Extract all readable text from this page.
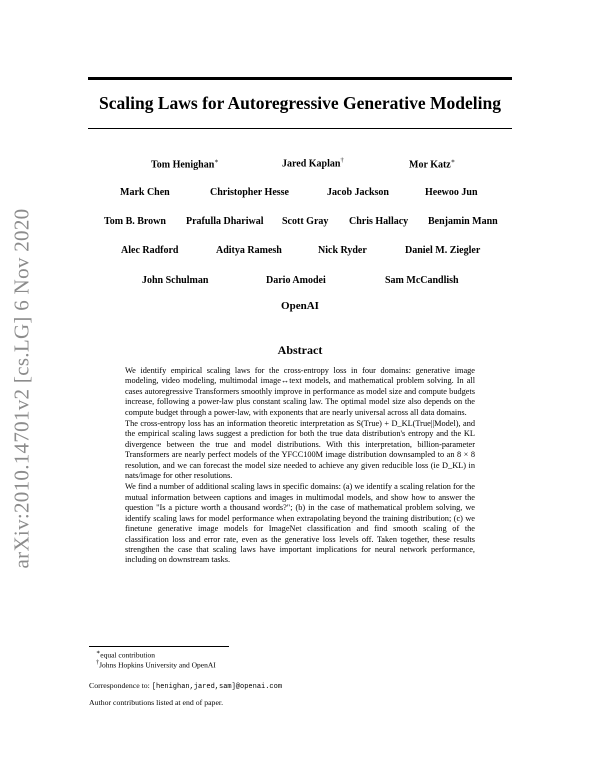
Scaling Laws for Autoregressive Generative Modeling
arXiv:2010.14701v2 [cs.LG] 6 Nov 2020
Tom Henighan∗	Jared Kaplan†	Mor Katz∗
Mark Chen	Christopher Hesse	Jacob Jackson	Heewoo Jun
Tom B. Brown Prafulla Dhariwal Scott Gray Chris Hallacy Benjamin Mann
Alec Radford	Aditya Ramesh	Nick Ryder	Daniel M. Ziegler
John Schulman	Dario Amodei	Sam McCandlish
OpenAI
Abstract

We identify empirical scaling laws for the cross-entropy loss in four domains: generative image modeling, video modeling, multimodal image↔text models, and mathematical problem solving. In all cases autoregressive Transformers smoothly improve in performance as model size and compute budgets increase, following a power-law plus constant scaling law. The optimal model size also depends on the compute budget through a power-law, with exponents that are nearly universal across all data domains.

The cross-entropy loss has an information theoretic interpretation as S(True) + D_KL(True||Model), and the empirical scaling laws suggest a prediction for both the true data distribution's entropy and the KL divergence between the true and model distributions. With this interpretation, billion-parameter Transformers are nearly perfect models of the YFCC100M image distribution downsampled to an 8 × 8 resolution, and we can forecast the model size needed to achieve any given reducible loss (ie D_KL) in nats/image for other resolutions.

We find a number of additional scaling laws in specific domains: (a) we identify a scaling relation for the mutual information between captions and images in multimodal models, and show how to answer the question "Is a picture worth a thousand words?"; (b) in the case of mathematical problem solving, we identify scaling laws for model performance when extrapolating beyond the training distribution; (c) we finetune generative image models for ImageNet classification and find smooth scaling of the classification loss and error rate, even as the generative loss levels off. Taken together, these results strengthen the case that scaling laws have important implications for neural network performance, including on downstream tasks.

∗equal contribution
†Johns Hopkins University and OpenAI
Correspondence to: [henighan,jared,sam]@openai.com
Author contributions listed at end of paper.
